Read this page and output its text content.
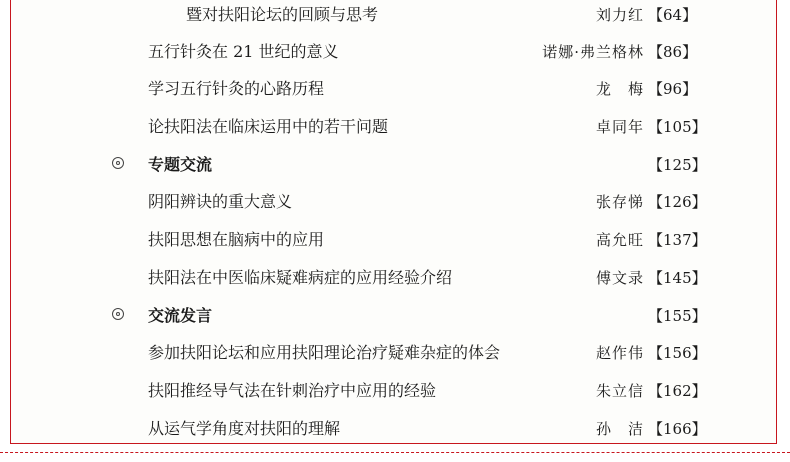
暨对扶阳论坛的回顾与思考	刘力红 【64】
五行针灸在 21 世纪的意义	诺娜·弗兰格林 【86】
学习五行针灸的心路历程	龙　梅 【96】
论扶阳法在临床运用中的若干问题	卓同年 【105】
专题交流	【125】
阴阳辨诀的重大意义	张存悌 【126】
扶阳思想在脑病中的应用	高允旺 【137】
扶阳法在中医临床疑难病症的应用经验介绍	傅文录 【145】
交流发言	【155】
参加扶阳论坛和应用扶阳理论治疗疑难杂症的体会	赵作伟 【156】
扶阳推经导气法在针刺治疗中应用的经验	朱立信 【162】
从运气学角度对扶阳的理解	孙　洁 【166】
